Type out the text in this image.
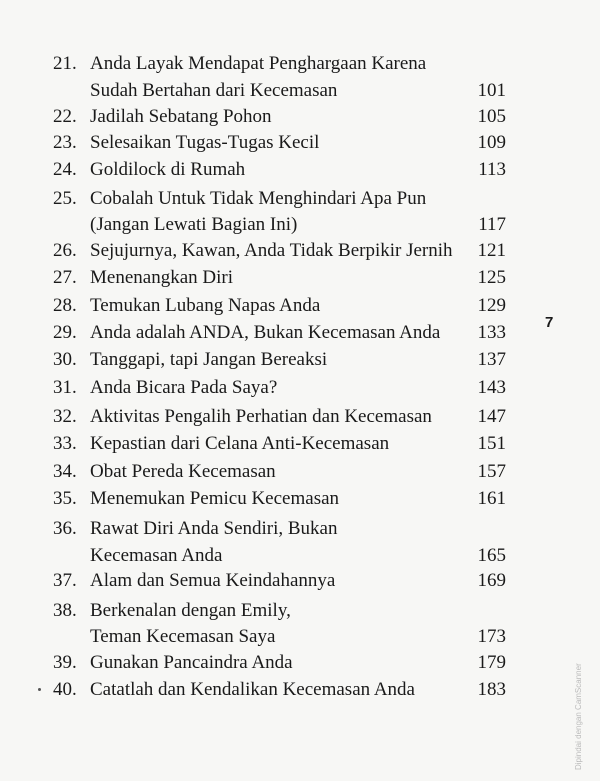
21. Anda Layak Mendapat Penghargaan Karena
Sudah Bertahan dari Kecemasan	101
22. Jadilah Sebatang Pohon	105
23. Selesaikan Tugas-Tugas Kecil	109
24. Goldilock di Rumah	113
25. Cobalah Untuk Tidak Menghindari Apa Pun
(Jangan Lewati Bagian Ini)	117
26. Sejujurnya, Kawan, Anda Tidak Berpikir Jernih	121
27. Menenangkan Diri	125
28. Temukan Lubang Napas Anda	129
29. Anda adalah ANDA, Bukan Kecemasan Anda	133
30. Tanggapi, tapi Jangan Bereaksi	137
31. Anda Bicara Pada Saya?	143
32. Aktivitas Pengalih Perhatian dan Kecemasan	147
33. Kepastian dari Celana Anti-Kecemasan	151
34. Obat Pereda Kecemasan	157
35. Menemukan Pemicu Kecemasan	161
36. Rawat Diri Anda Sendiri, Bukan
Kecemasan Anda	165
37. Alam dan Semua Keindahannya	169
38. Berkenalan dengan Emily,
Teman Kecemasan Saya	173
39. Gunakan Pancaindra Anda	179
40. Catatlah dan Kendalikan Kecemasan Anda	183
7
Dipindai dengan CamScanner
